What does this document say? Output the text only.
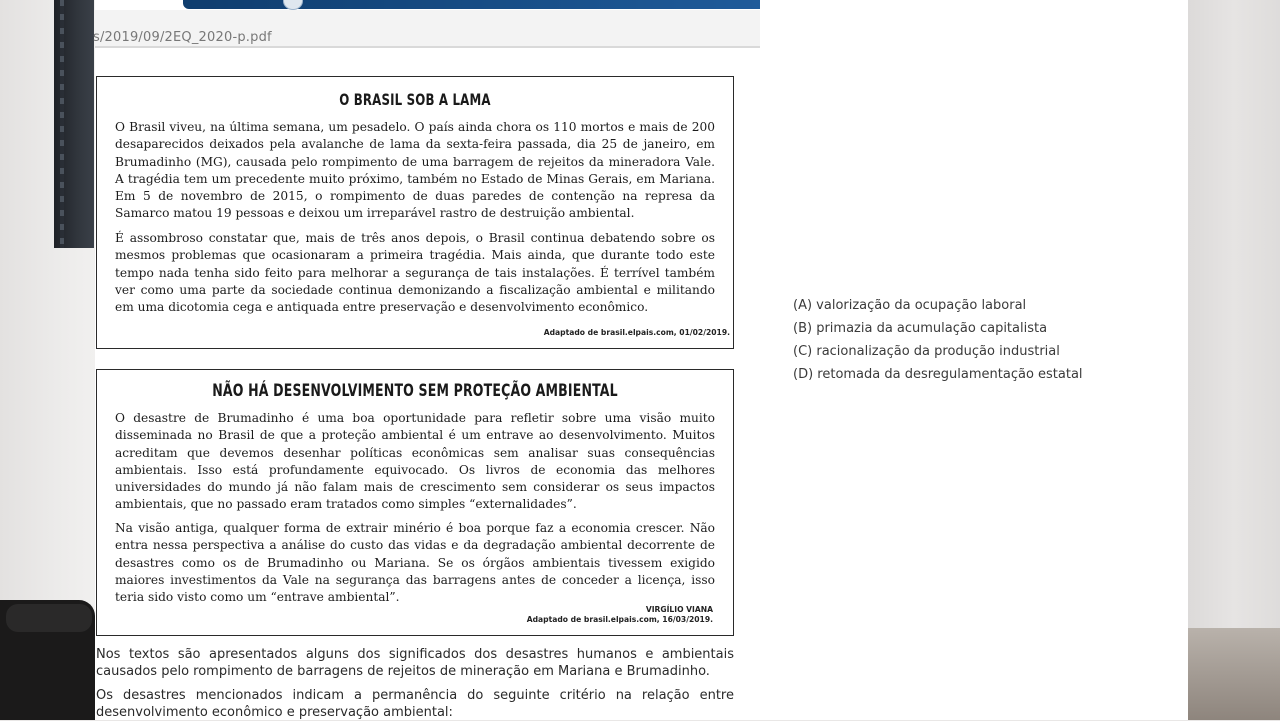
s/2019/09/2EQ_2020-p.pdf
O BRASIL SOB A LAMA

O Brasil viveu, na última semana, um pesadelo. O país ainda chora os 110 mortos e mais de 200 desaparecidos deixados pela avalanche de lama da sexta-feira passada, dia 25 de janeiro, em Brumadinho (MG), causada pelo rompimento de uma barragem de rejeitos da mineradora Vale. A tragédia tem um precedente muito próximo, também no Estado de Minas Gerais, em Mariana. Em 5 de novembro de 2015, o rompimento de duas paredes de contenção na represa da Samarco matou 19 pessoas e deixou um irreparável rastro de destruição ambiental.

É assombroso constatar que, mais de três anos depois, o Brasil continua debatendo sobre os mesmos problemas que ocasionaram a primeira tragédia. Mais ainda, que durante todo este tempo nada tenha sido feito para melhorar a segurança de tais instalações. É terrível também ver como uma parte da sociedade continua demonizando a fiscalização ambiental e militando em uma dicotomia cega e antiquada entre preservação e desenvolvimento econômico.

Adaptado de brasil.elpais.com, 01/02/2019.
NÃO HÁ DESENVOLVIMENTO SEM PROTEÇÃO AMBIENTAL

O desastre de Brumadinho é uma boa oportunidade para refletir sobre uma visão muito disseminada no Brasil de que a proteção ambiental é um entrave ao desenvolvimento. Muitos acreditam que devemos desenhar políticas econômicas sem analisar suas consequências ambientais. Isso está profundamente equivocado. Os livros de economia das melhores universidades do mundo já não falam mais de crescimento sem considerar os seus impactos ambientais, que no passado eram tratados como simples “externalidades”.

Na visão antiga, qualquer forma de extrair minério é boa porque faz a economia crescer. Não entra nessa perspectiva a análise do custo das vidas e da degradação ambiental decorrente de desastres como os de Brumadinho ou Mariana. Se os órgãos ambientais tivessem exigido maiores investimentos da Vale na segurança das barragens antes de conceder a licença, isso teria sido visto como um “entrave ambiental”.

VIRGÍLIO VIANA
Adaptado de brasil.elpais.com, 16/03/2019.

Nos textos são apresentados alguns dos significados dos desastres humanos e ambientais causados pelo rompimento de barragens de rejeitos de mineração em Mariana e Brumadinho.

Os desastres mencionados indicam a permanência do seguinte critério na relação entre desenvolvimento econômico e preservação ambiental:

(A) valorização da ocupação laboral
(B) primazia da acumulação capitalista
(C) racionalização da produção industrial
(D) retomada da desregulamentação estatal
